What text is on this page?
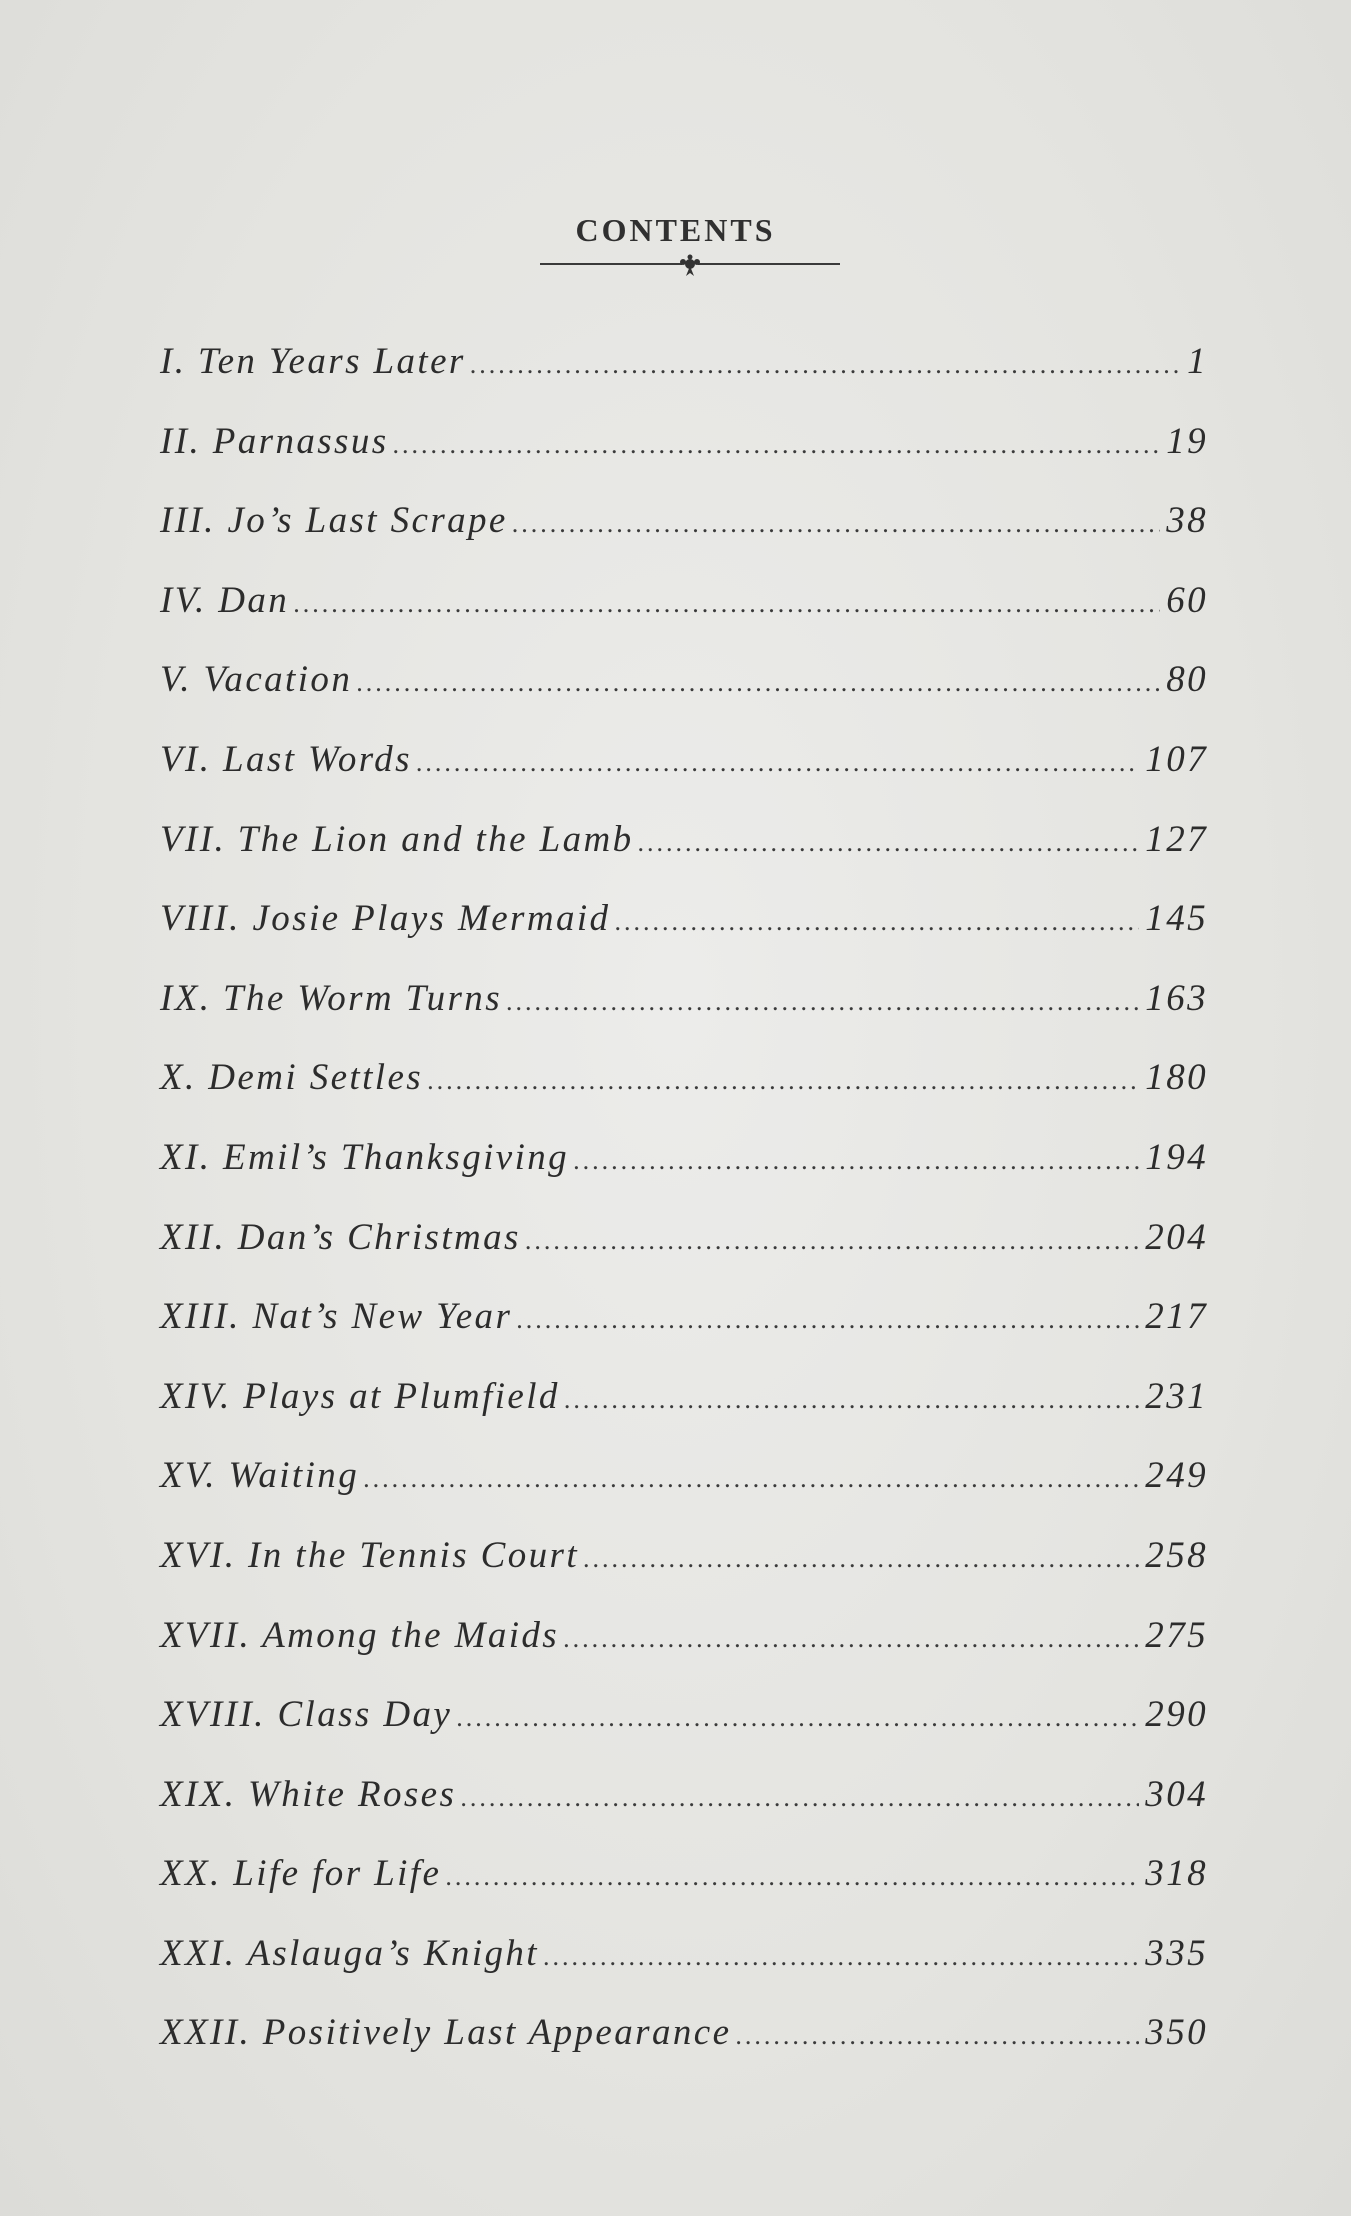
CONTENTS
I. Ten Years Later .....	1
II. Parnassus .....	19
III. Jo’s Last Scrape .....	38
IV. Dan .....	60
V. Vacation .....	80
VI. Last Words .....	107
VII. The Lion and the Lamb .....	127
VIII. Josie Plays Mermaid .....	145
IX. The Worm Turns .....	163
X. Demi Settles .....	180
XI. Emil’s Thanksgiving .....	194
XII. Dan’s Christmas .....	204
XIII. Nat’s New Year .....	217
XIV. Plays at Plumfield .....	231
XV. Waiting .....	249
XVI. In the Tennis Court .....	258
XVII. Among the Maids .....	275
XVIII. Class Day .....	290
XIX. White Roses .....	304
XX. Life for Life .....	318
XXI. Aslauga’s Knight .....	335
XXII. Positively Last Appearance .....	350
